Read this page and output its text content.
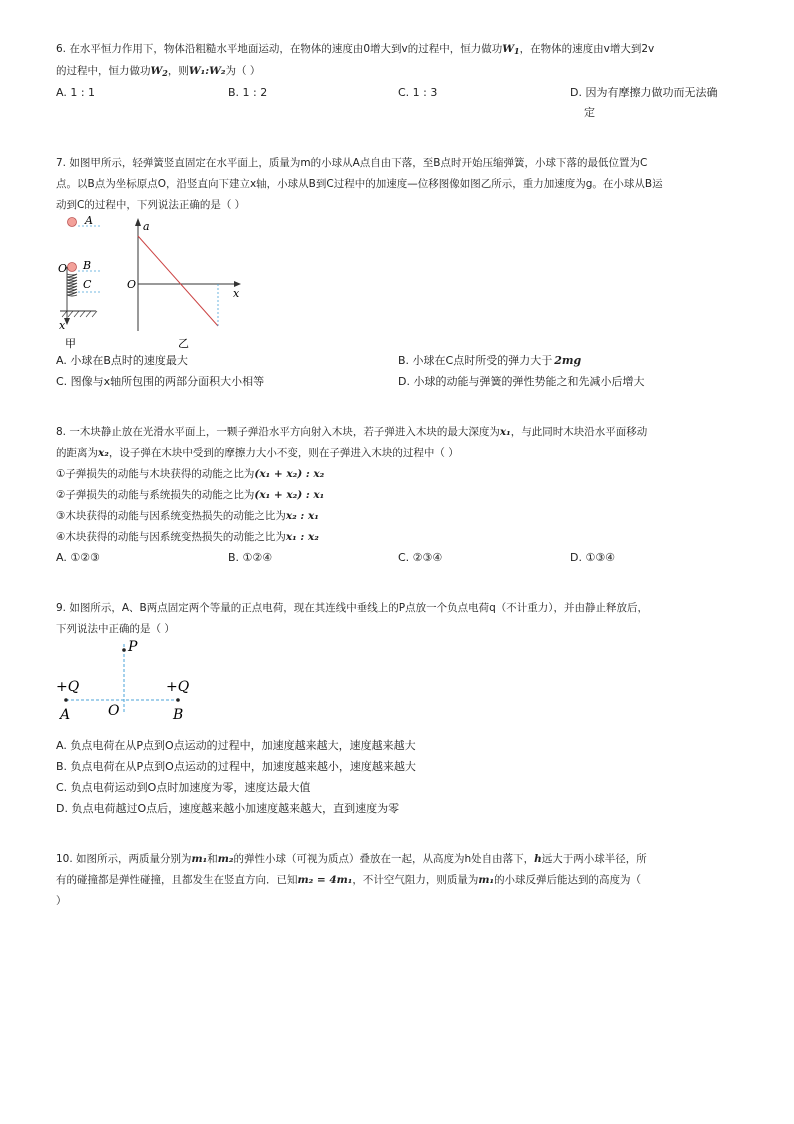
6. 在水平恒力作用下，物体沿粗糙水平地面运动，在物体的速度由0增大到v的过程中，恒力做功$W_1$，在物体的速度由v增大到2v
的过程中，恒力做功$W_2$，则W₁:W₂为（ ）
A. 1 : 1	B. 1 : 2	C. 1 : 3	D. 因为有摩擦力做功而无法确
定
7. 如图甲所示，轻弹簧竖直固定在水平面上，质量为m的小球从A点自由下落，至B点时开始压缩弹簧，小球下落的最低位置为C
点。以B点为坐标原点O，沿竖直向下建立x轴，小球从B到C过程中的加速度—位移图像如图乙所示，重力加速度为g。在小球从B运
动到C的过程中，下列说法正确的是（ ）
A
O B
C
x
甲
a
x
O
乙
A. 小球在B点时的速度最大	B. 小球在C点时所受的弹力大于 2mg
C. 图像与x轴所包围的两部分面积大小相等	D. 小球的动能与弹簧的弹性势能之和先减小后增大
8. 一木块静止放在光滑水平面上，一颗子弹沿水平方向射入木块，若子弹进入木块的最大深度为x₁，与此同时木块沿水平面移动
的距离为x₂，设子弹在木块中受到的摩擦力大小不变，则在子弹进入木块的过程中（ ）
①子弹损失的动能与木块获得的动能之比为(x₁ + x₂) : x₂
②子弹损失的动能与系统损失的动能之比为(x₁ + x₂) : x₁
③木块获得的动能与因系统变热损失的动能之比为x₂ : x₁
④木块获得的动能与因系统变热损失的动能之比为x₁ : x₂
A. ①②③	B. ①②④	C. ②③④	D. ①③④
9. 如图所示，A、B两点固定两个等量的正点电荷，现在其连线中垂线上的P点放一个负点电荷q（不计重力），并由静止释放后，
下列说法中正确的是（ ）
P
+Q	+Q
A	O	B
A. 负点电荷在从P点到O点运动的过程中，加速度越来越大，速度越来越大
B. 负点电荷在从P点到O点运动的过程中，加速度越来越小，速度越来越大
C. 负点电荷运动到O点时加速度为零，速度达最大值
D. 负点电荷越过O点后，速度越来越小加速度越来越大，直到速度为零
10. 如图所示，两质量分别为m₁和m₂的弹性小球（可视为质点）叠放在一起，从高度为h处自由落下，h远大于两小球半径，所
有的碰撞都是弹性碰撞，且都发生在竖直方向．已知m₂ = 4m₁，不计空气阻力，则质量为m₁的小球反弹后能达到的高度为（
）
